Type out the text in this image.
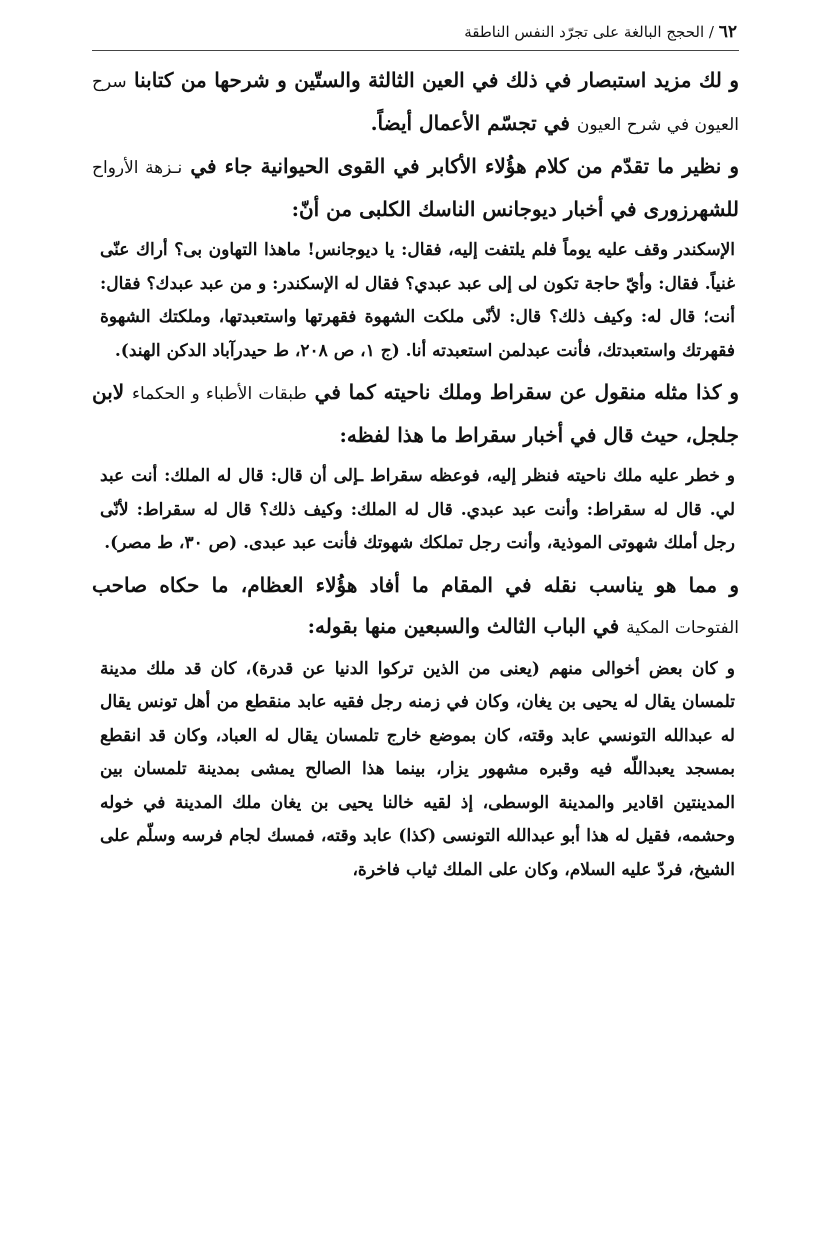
٦٢ / الحجج البالغة على تجرّد النفس الناطقة

و لك مزيد استبصار في ذلك في العين الثالثة والستّين و شرحها من كتابنا سرح العيون في شرح العيون في تجسّم الأعمال أيضاً.

و نظير ما تقدّم من كلام هؤُلاء الأكابر في القوى الحيوانية جاء في نـزهة الأرواح للشهرزورى في أخبار ديوجانس الناسك الكلبى من أنّ:

الإسكندر وقف عليه يوماً فلم يلتفت إليه، فقال: يا ديوجانس! ماهذا التهاون بى؟ أراك عنّى غنياً. فقال: وأيّ حاجة تكون لى إلى عبد عبدي؟ فقال له الإسكندر: و من عبد عبدك؟ فقال: أنت؛ قال له: وكيف ذلك؟ قال: لأنّى ملكت الشهوة فقهرتها واستعبدتها، وملكتك الشهوة فقهرتك واستعبدتك، فأنت عبدلمن استعبدته أنا. (ج ١، ص ٢٠٨، ط حيدرآباد الدكن الهند).

و كذا مثله منقول عن سقراط وملك ناحيته كما في طبقات الأطباء و الحكماء لابن جلجل، حيث قال في أخبار سقراط ما هذا لفظه:

و خطر عليه ملك ناحيته فنظر إليه، فوعظه سقراط ـإلى أن قال: قال له الملك: أنت عبد لي. قال له سقراط: وأنت عبد عبدي. قال له الملك: وكيف ذلك؟ قال له سقراط: لأنّى رجل أملك شهوتى الموذية، وأنت رجل تملكك شهوتك فأنت عبد عبدى. (ص ٣٠، ط مصر).

و مما هو يناسب نقله في المقام ما أفاد هؤُلاء العظام، ما حكاه صاحب الفتوحات المكية في الباب الثالث والسبعين منها بقوله:

و كان بعض أخوالى منهم (يعنى من الذين تركوا الدنيا عن قدرة)، كان قد ملك مدينة تلمسان يقال له يحيى بن يغان، وكان في زمنه رجل فقيه عابد منقطع من أهل تونس يقال له عبدالله التونسي عابد وقته، كان بموضع خارج تلمسان يقال له العباد، وكان قد انقطع بمسجد يعبداللّه فيه وقبره مشهور يزار، بينما هذا الصالح يمشى بمدينة تلمسان بين المدينتين اقادير والمدينة الوسطى، إذ لقيه خالنا يحيى بن يغان ملك المدينة في خوله وحشمه، فقيل له هذا أبو عبدالله التونسى (كذا) عابد وقته، فمسك لجام فرسه وسلّم على الشيخ، فردّ عليه السلام، وكان على الملك ثياب فاخرة،
